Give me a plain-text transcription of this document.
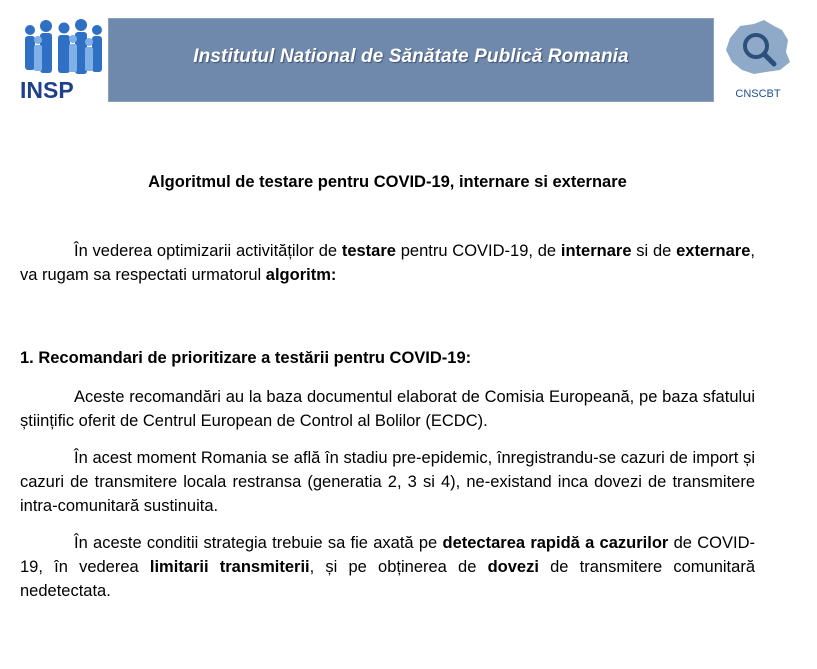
INSP
Institutul National de Sănătate Publică Romania
CNSCBT

Algoritmul de testare pentru COVID-19, internare si externare

În vederea optimizarii activităților de testare pentru COVID-19, de internare si de externare, va rugam sa respectati urmatorul algoritm:

1. Recomandari de prioritizare a testării pentru COVID-19:

Aceste recomandări au la baza documentul elaborat de Comisia Europeană, pe baza sfatului științific oferit de Centrul European de Control al Bolilor (ECDC).

În acest moment Romania se află în stadiu pre-epidemic, înregistrandu-se cazuri de import și cazuri de transmitere locala restransa (generatia 2, 3 si 4), ne-existand inca dovezi de transmitere intra-comunitară sustinuita.

În aceste conditii strategia trebuie sa fie axată pe detectarea rapidă a cazurilor de COVID-19, în vederea limitarii transmiterii, și pe obținerea de dovezi de transmitere comunitară nedetectata.
